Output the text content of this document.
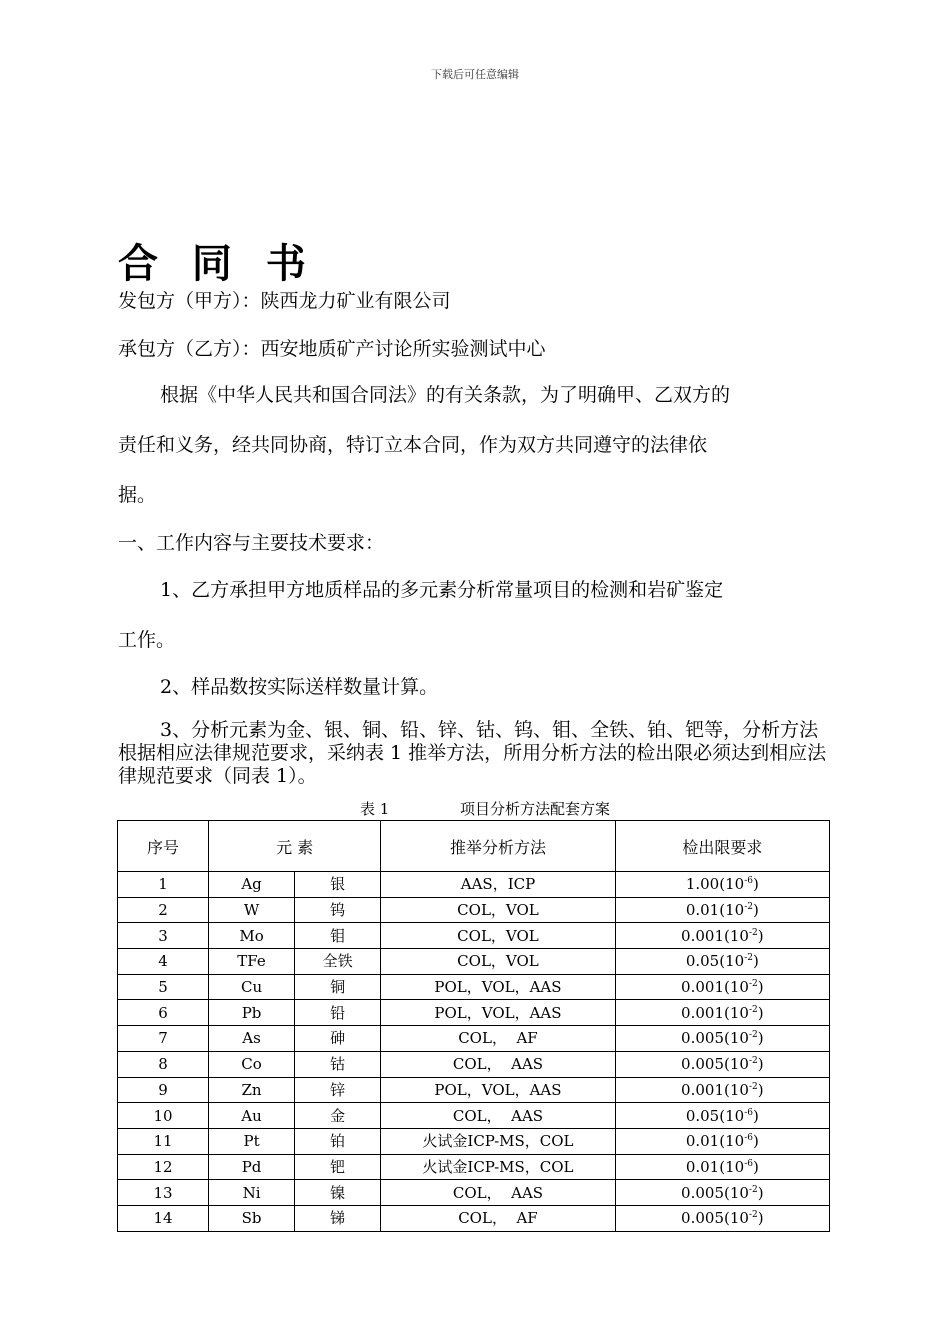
下载后可任意编辑
合 同 书
发包方（甲方）：陕西龙力矿业有限公司
承包方（乙方）：西安地质矿产讨论所实验测试中心
根据《中华人民共和国合同法》的有关条款，为了明确甲、乙双方的
责任和义务，经共同协商，特订立本合同，作为双方共同遵守的法律依
据。
一、工作内容与主要技术要求：
1、乙方承担甲方地质样品的多元素分析常量项目的检测和岩矿鉴定
工作。
2、样品数按实际送样数量计算。
3、分析元素为金、银、铜、铅、锌、钴、钨、钼、全铁、铂、钯等，分析方法根据相应法律规范要求，采纳表 1 推举方法，所用分析方法的检出限必须达到相应法律规范要求（同表 1）。
表 1	项目分析方法配套方案
序号	元 素		推举分析方法	检出限要求
1	Ag	银	AAS，ICP	$1.00(10^{-6})$
2	W	钨	COL，VOL	$0.01(10^{-2})$
3	Mo	钼	COL，VOL	$0.001(10^{-2})$
4	TFe	全铁	COL，VOL	$0.05(10^{-2})$
5	Cu	铜	POL，VOL，AAS	$0.001(10^{-2})$
6	Pb	铅	POL，VOL，AAS	$0.001(10^{-2})$
7	As	砷	COL，  AF	$0.005(10^{-2})$
8	Co	钴	COL，  AAS	$0.005(10^{-2})$
9	Zn	锌	POL，VOL，AAS	$0.001(10^{-2})$
10	Au	金	COL，  AAS	$0.05(10^{-6})$
11	Pt	铂	火试金ICP-MS，COL	$0.01(10^{-6})$
12	Pd	钯	火试金ICP-MS，COL	$0.01(10^{-6})$
13	Ni	镍	COL，  AAS	$0.005(10^{-2})$
14	Sb	锑	COL，  AF	$0.005(10^{-2})$
